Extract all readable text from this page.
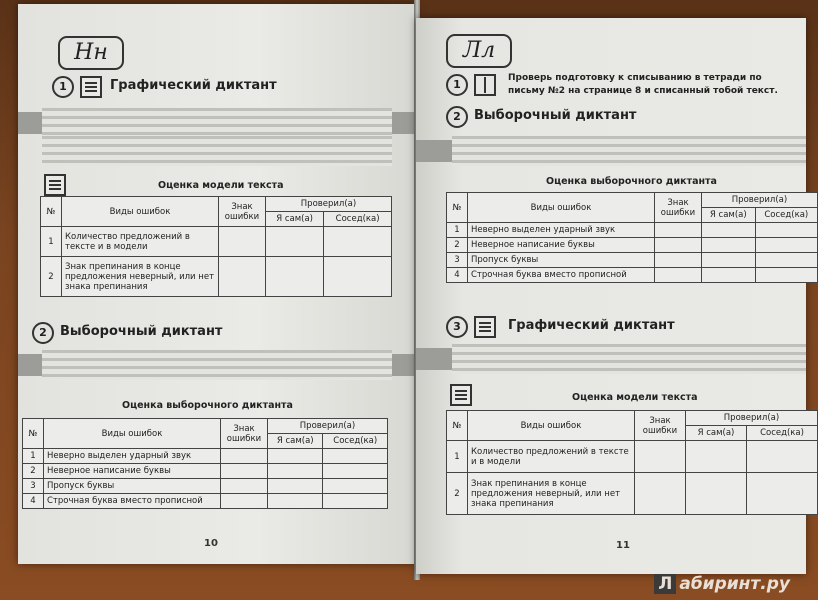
Нн
1	Графический диктант
Оценка модели текста
№	Виды ошибок	Знак ошибки	Проверил(а)	
			Я сам(а)	Сосед(ка)
1	Количество предложений в тексте и в модели			
2	Знак препинания в конце предложения неверный, или нет знака препинания			
2	Выборочный диктант
Оценка выборочного диктанта
№	Виды ошибок	Знак ошибки	Проверил(а)	
			Я сам(а)	Сосед(ка)
1	Неверно выделен ударный звук			
2	Неверное написание буквы			
3	Пропуск буквы			
4	Строчная буква вместо прописной			
10
Лл
1	Проверь подготовку к списыванию в тетради по письму №2 на странице 8 и списанный тобой текст.
2	Выборочный диктант
Оценка выборочного диктанта
№	Виды ошибок	Знак ошибки	Проверил(а)	
			Я сам(а)	Сосед(ка)
1	Неверно выделен ударный звук			
2	Неверное написание буквы			
3	Пропуск буквы			
4	Строчная буква вместо прописной			
3	Графический диктант
Оценка модели текста
№	Виды ошибок	Знак ошибки	Проверил(а)	
			Я сам(а)	Сосед(ка)
1	Количество предложений в тексте и в модели			
2	Знак препинания в конце предложения неверный, или нет знака препинания			
11
Л абиринт.ру
